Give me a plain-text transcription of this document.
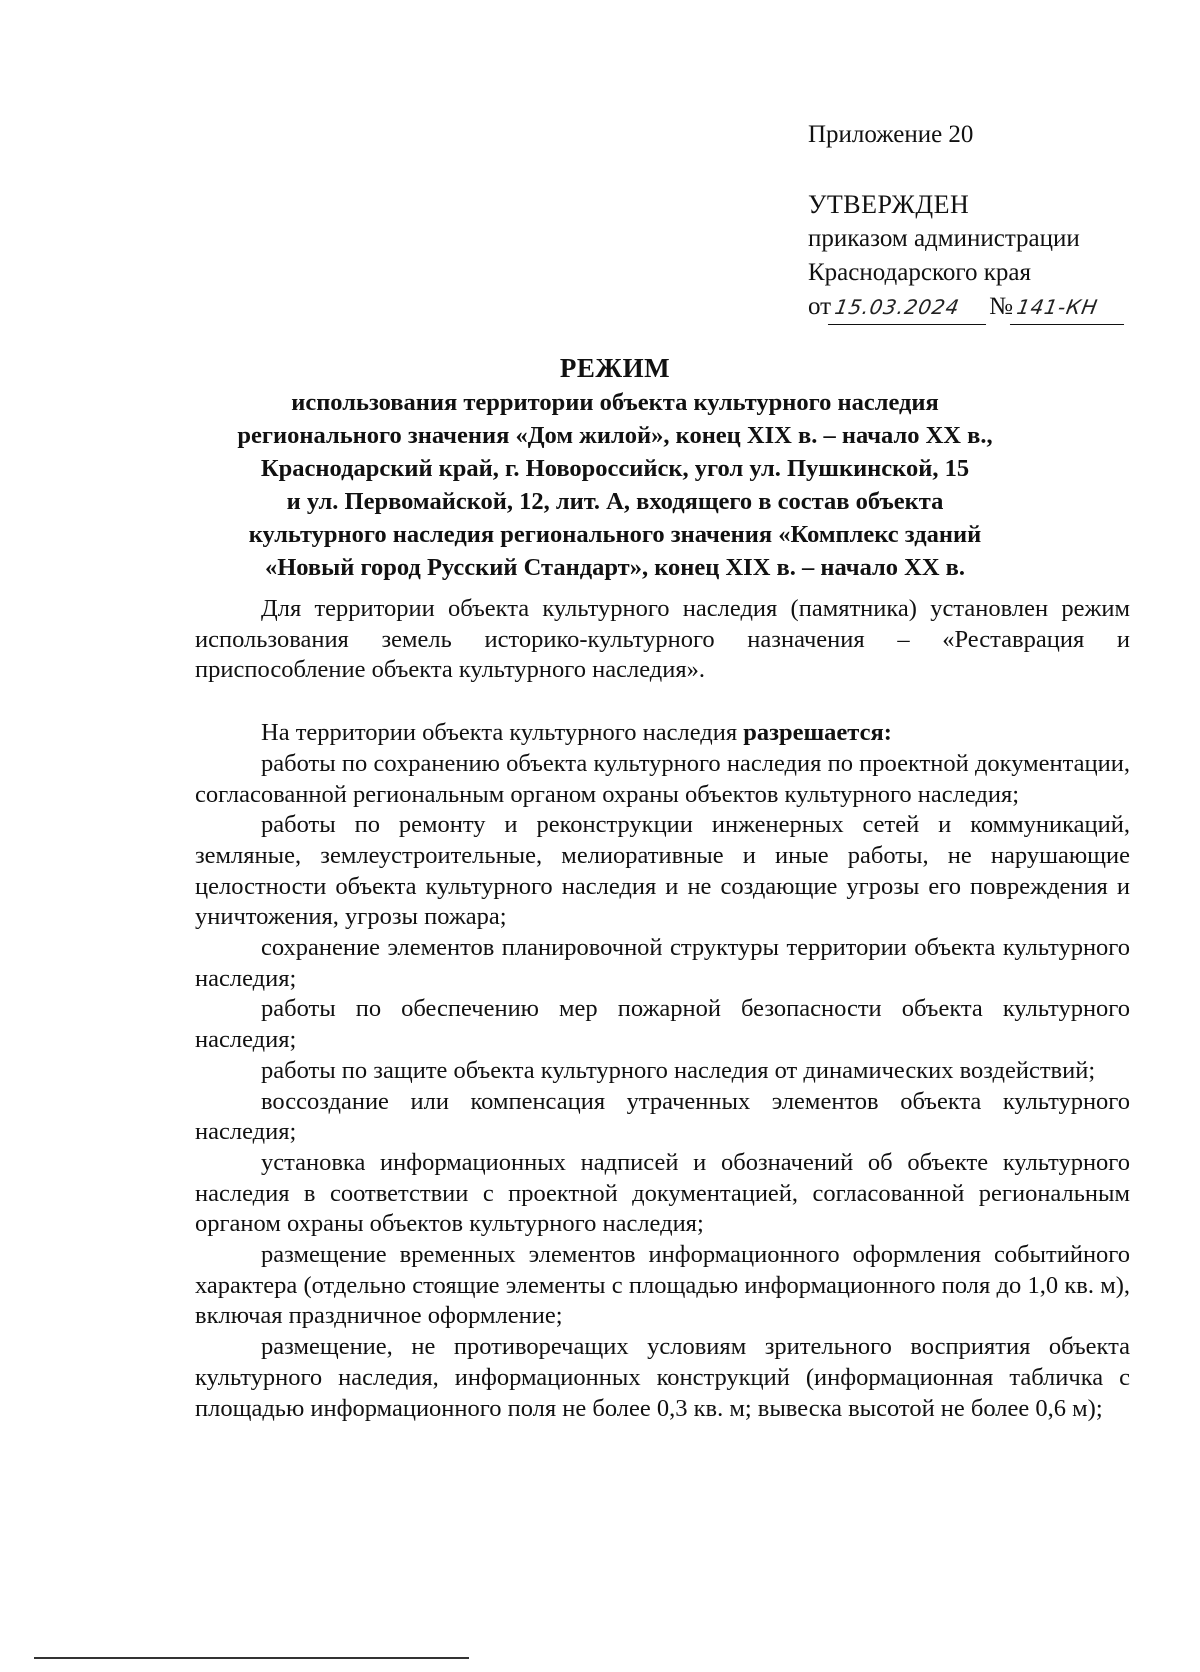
Приложение 20
УТВЕРЖДЕН
приказом администрации
Краснодарского края
от15.03.2024 №141-КН
РЕЖИМ
использования территории объекта культурного наследия
регионального значения «Дом жилой», конец XIX в. – начало XX в.,
Краснодарский край, г. Новороссийск, угол ул. Пушкинской, 15
и ул. Первомайской, 12, лит. А, входящего в состав объекта
культурного наследия регионального значения «Комплекс зданий
«Новый город Русский Стандарт», конец XIX в. – начало XX в.

Для территории объекта культурного наследия (памятника) установлен режим использования земель историко-культурного назначения – «Реставрация и приспособление объекта культурного наследия».

На территории объекта культурного наследия разрешается:

работы по сохранению объекта культурного наследия по проектной документации, согласованной региональным органом охраны объектов культурного наследия;

работы по ремонту и реконструкции инженерных сетей и коммуникаций, земляные, землеустроительные, мелиоративные и иные работы, не нарушающие целостности объекта культурного наследия и не создающие угрозы его повреждения и уничтожения, угрозы пожара;

сохранение элементов планировочной структуры территории объекта культурного наследия;

работы по обеспечению мер пожарной безопасности объекта культурного наследия;

работы по защите объекта культурного наследия от динамических воздействий;

воссоздание или компенсация утраченных элементов объекта культурного наследия;

установка информационных надписей и обозначений об объекте культурного наследия в соответствии с проектной документацией, согласованной региональным органом охраны объектов культурного наследия;

размещение временных элементов информационного оформления событийного характера (отдельно стоящие элементы с площадью информационного поля до 1,0 кв. м), включая праздничное оформление;

размещение, не противоречащих условиям зрительного восприятия объекта культурного наследия, информационных конструкций (информационная табличка с площадью информационного поля не более 0,3 кв. м; вывеска высотой не более 0,6 м);
